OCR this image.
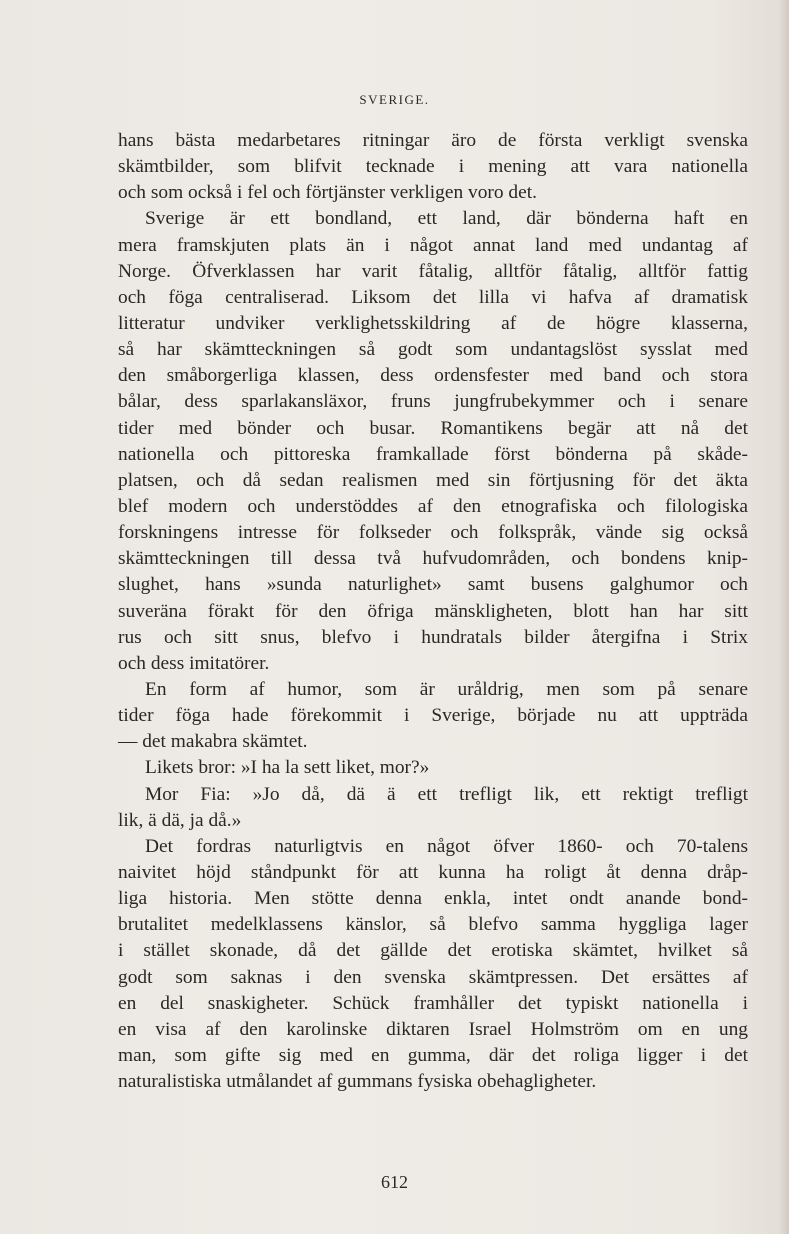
SVERIGE.
hans bästa medarbetares ritningar äro de första verkligt svenska
skämtbilder, som blifvit tecknade i mening att vara nationella
och som också i fel och förtjänster verkligen voro det.
Sverige är ett bondland, ett land, där bönderna haft en
mera framskjuten plats än i något annat land med undantag af
Norge. Öfverklassen har varit fåtalig, alltför fåtalig, alltför fattig
och föga centraliserad. Liksom det lilla vi hafva af dramatisk
litteratur undviker verklighetsskildring af de högre klasserna,
så har skämtteckningen så godt som undantagslöst sysslat med
den småborgerliga klassen, dess ordensfester med band och stora
bålar, dess sparlakansläxor, fruns jungfrubekymmer och i senare
tider med bönder och busar. Romantikens begär att nå det
nationella och pittoreska framkallade först bönderna på skåde-
platsen, och då sedan realismen med sin förtjusning för det äkta
blef modern och understöddes af den etnografiska och filologiska
forskningens intresse för folkseder och folkspråk, vände sig också
skämtteckningen till dessa två hufvudområden, och bondens knip-
slughet, hans »sunda naturlighet» samt busens galghumor och
suveräna förakt för den öfriga mänskligheten, blott han har sitt
rus och sitt snus, blefvo i hundratals bilder återgifna i Strix
och dess imitatörer.
En form af humor, som är uråldrig, men som på senare
tider föga hade förekommit i Sverige, började nu att uppträda
— det makabra skämtet.
Likets bror: »I ha la sett liket, mor?»
Mor Fia: »Jo då, dä ä ett trefligt lik, ett rektigt trefligt
lik, ä dä, ja då.»
Det fordras naturligtvis en något öfver 1860- och 70-talens
naivitet höjd ståndpunkt för att kunna ha roligt åt denna dråp-
liga historia. Men stötte denna enkla, intet ondt anande bond-
brutalitet medelklassens känslor, så blefvo samma hyggliga lager
i stället skonade, då det gällde det erotiska skämtet, hvilket så
godt som saknas i den svenska skämtpressen. Det ersättes af
en del snaskigheter. Schück framhåller det typiskt nationella i
en visa af den karolinske diktaren Israel Holmström om en ung
man, som gifte sig med en gumma, där det roliga ligger i det
naturalistiska utmålandet af gummans fysiska obehagligheter.
612
